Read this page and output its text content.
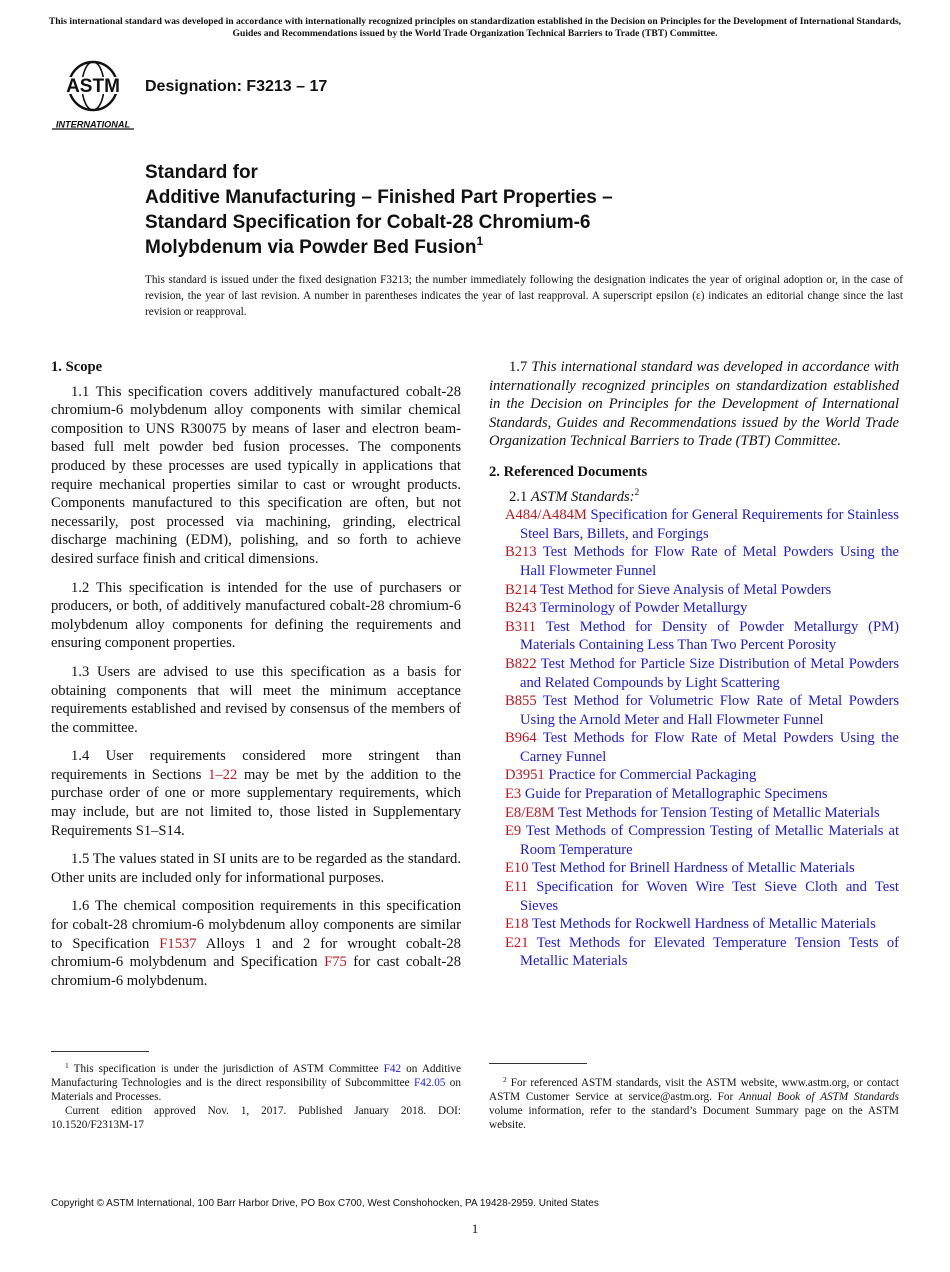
This international standard was developed in accordance with internationally recognized principles on standardization established in the Decision on Principles for the Development of International Standards, Guides and Recommendations issued by the World Trade Organization Technical Barriers to Trade (TBT) Committee.
ASTM
INTERNATIONAL
Designation: F3213 – 17
Standard for
Additive Manufacturing – Finished Part Properties –
Standard Specification for Cobalt-28 Chromium-6
Molybdenum via Powder Bed Fusion$^1$
This standard is issued under the fixed designation F3213; the number immediately following the designation indicates the year of original adoption or, in the case of revision, the year of last revision. A number in parentheses indicates the year of last reapproval. A superscript epsilon (ε) indicates an editorial change since the last revision or reapproval.

1. Scope

1.1 This specification covers additively manufactured cobalt-28 chromium-6 molybdenum alloy components with similar chemical composition to UNS R30075 by means of laser and electron beam-based full melt powder bed fusion processes. The components produced by these processes are used typically in applications that require mechanical properties similar to cast or wrought products. Components manufactured to this specification are often, but not necessarily, post processed via machining, grinding, electrical discharge machining (EDM), polishing, and so forth to achieve desired surface finish and critical dimensions.

1.2 This specification is intended for the use of purchasers or producers, or both, of additively manufactured cobalt-28 chromium-6 molybdenum alloy components for defining the requirements and ensuring component properties.

1.3 Users are advised to use this specification as a basis for obtaining components that will meet the minimum acceptance requirements established and revised by consensus of the members of the committee.

1.4 User requirements considered more stringent than requirements in Sections 1–22 may be met by the addition to the purchase order of one or more supplementary requirements, which may include, but are not limited to, those listed in Supplementary Requirements S1–S14.

1.5 The values stated in SI units are to be regarded as the standard. Other units are included only for informational purposes.

1.6 The chemical composition requirements in this specification for cobalt-28 chromium-6 molybdenum alloy components are similar to Specification F1537 Alloys 1 and 2 for wrought cobalt-28 chromium-6 molybdenum and Specification F75 for cast cobalt-28 chromium-6 molybdenum.

1.7 This international standard was developed in accordance with internationally recognized principles on standardization established in the Decision on Principles for the Development of International Standards, Guides and Recommendations issued by the World Trade Organization Technical Barriers to Trade (TBT) Committee.

2. Referenced Documents

2.1 ASTM Standards:$^2$

A484/A484M Specification for General Requirements for Stainless Steel Bars, Billets, and Forgings

B213 Test Methods for Flow Rate of Metal Powders Using the Hall Flowmeter Funnel

B214 Test Method for Sieve Analysis of Metal Powders

B243 Terminology of Powder Metallurgy

B311 Test Method for Density of Powder Metallurgy (PM) Materials Containing Less Than Two Percent Porosity

B822 Test Method for Particle Size Distribution of Metal Powders and Related Compounds by Light Scattering

B855 Test Method for Volumetric Flow Rate of Metal Powders Using the Arnold Meter and Hall Flowmeter Funnel

B964 Test Methods for Flow Rate of Metal Powders Using the Carney Funnel

D3951 Practice for Commercial Packaging

E3 Guide for Preparation of Metallographic Specimens

E8/E8M Test Methods for Tension Testing of Metallic Materials

E9 Test Methods of Compression Testing of Metallic Materials at Room Temperature

E10 Test Method for Brinell Hardness of Metallic Materials

E11 Specification for Woven Wire Test Sieve Cloth and Test Sieves

E18 Test Methods for Rockwell Hardness of Metallic Materials

E21 Test Methods for Elevated Temperature Tension Tests of Metallic Materials

$^1$ This specification is under the jurisdiction of ASTM Committee F42 on Additive Manufacturing Technologies and is the direct responsibility of Subcommittee F42.05 on Materials and Processes.

Current edition approved Nov. 1, 2017. Published January 2018. DOI: 10.1520/F2313M-17

$^2$ For referenced ASTM standards, visit the ASTM website, www.astm.org, or contact ASTM Customer Service at service@astm.org. For Annual Book of ASTM Standards volume information, refer to the standard’s Document Summary page on the ASTM website.

Copyright © ASTM International, 100 Barr Harbor Drive, PO Box C700, West Conshohocken, PA 19428-2959. United States
1
